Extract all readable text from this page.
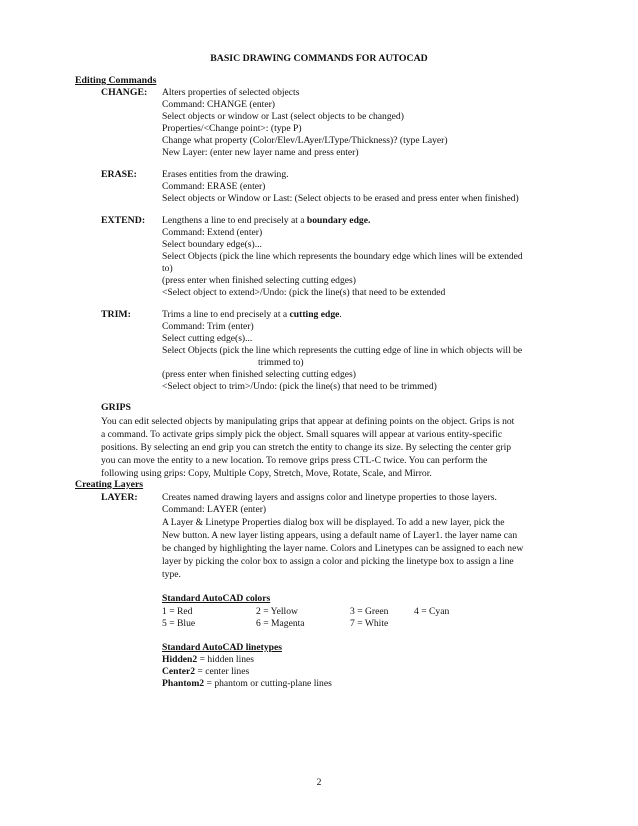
BASIC DRAWING COMMANDS FOR AUTOCAD
Editing Commands
CHANGE: Alters properties of selected objects
Command: CHANGE (enter)
Select objects or window or Last (select objects to be changed)
Properties/<Change point>: (type P)
Change what property (Color/Elev/LAyer/LType/Thickness)? (type Layer)
New Layer: (enter new layer name and press enter)
ERASE:	Erases entities from the drawing.
Command: ERASE (enter)
Select objects or Window or Last: (Select objects to be erased and press enter when finished)
EXTEND: Lengthens a line to end precisely at a boundary edge.
Command: Extend (enter)
Select boundary edge(s)...
Select Objects (pick the line which represents the boundary edge which lines will be extended
to)
(press enter when finished selecting cutting edges)
<Select object to extend>/Undo: (pick the line(s) that need to be extended
TRIM:	Trims a line to end precisely at a cutting edge.
Command: Trim (enter)
Select cutting edge(s)...
Select Objects (pick the line which represents the cutting edge of line in which objects will be
trimmed to)
(press enter when finished selecting cutting edges)
<Select object to trim>/Undo: (pick the line(s) that need to be trimmed)
GRIPS
You can edit selected objects by manipulating grips that appear at defining points on the object. Grips is not
a command. To activate grips simply pick the object. Small squares will appear at various entity-specific
positions. By selecting an end grip you can stretch the entity to change its size. By selecting the center grip
you can move the entity to a new location. To remove grips press CTL-C twice. You can perform the
following using grips: Copy, Multiple Copy, Stretch, Move, Rotate, Scale, and Mirror.
Creating Layers
LAYER:	Creates named drawing layers and assigns color and linetype properties to those layers.
Command: LAYER (enter)
A Layer & Linetype Properties dialog box will be displayed. To add a new layer, pick the
New button. A new layer listing appears, using a default name of Layer1. the layer name can
be changed by highlighting the layer name. Colors and Linetypes can be assigned to each new
layer by picking the color box to assign a color and picking the linetype box to assign a line
type.
Standard AutoCAD colors
1 = Red	2 = Yellow	3 = Green	4 = Cyan
5 = Blue	6 = Magenta	7 = White
Standard AutoCAD linetypes
Hidden2 = hidden lines
Center2 = center lines
Phantom2 = phantom or cutting-plane lines
2
